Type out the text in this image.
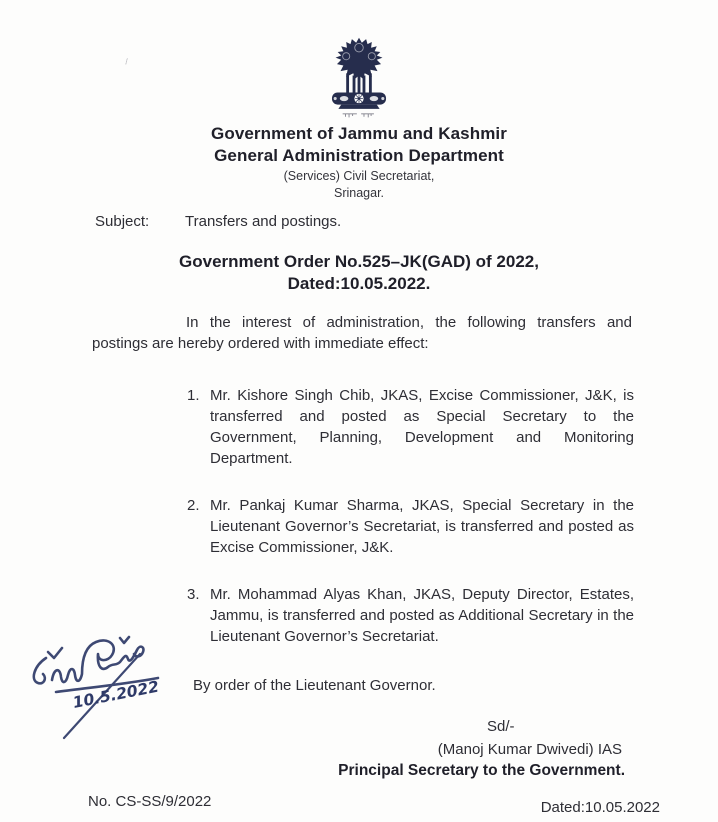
Government of Jammu and Kashmir
General Administration Department
(Services) Civil Secretariat,
Srinagar.
Subject: Transfers and postings.
Government Order No.525–JK(GAD) of 2022,
Dated:10.05.2022.

In the interest of administration, the following transfers and postings are hereby ordered with immediate effect:

1. Mr. Kishore Singh Chib, JKAS, Excise Commissioner, J&K, is transferred and posted as Special Secretary to the Government, Planning, Development and Monitoring Department.
2. Mr. Pankaj Kumar Sharma, JKAS, Special Secretary in the Lieutenant Governor’s Secretariat, is transferred and posted as Excise Commissioner, J&K.
3. Mr. Mohammad Alyas Khan, JKAS, Deputy Director, Estates, Jammu, is transferred and posted as Additional Secretary in the Lieutenant Governor’s Secretariat.
By order of the Lieutenant Governor.
10.5.2022
Sd/-
(Manoj Kumar Dwivedi) IAS
Principal Secretary to the Government.
No. CS-SS/9/2022	Dated:10.05.2022
